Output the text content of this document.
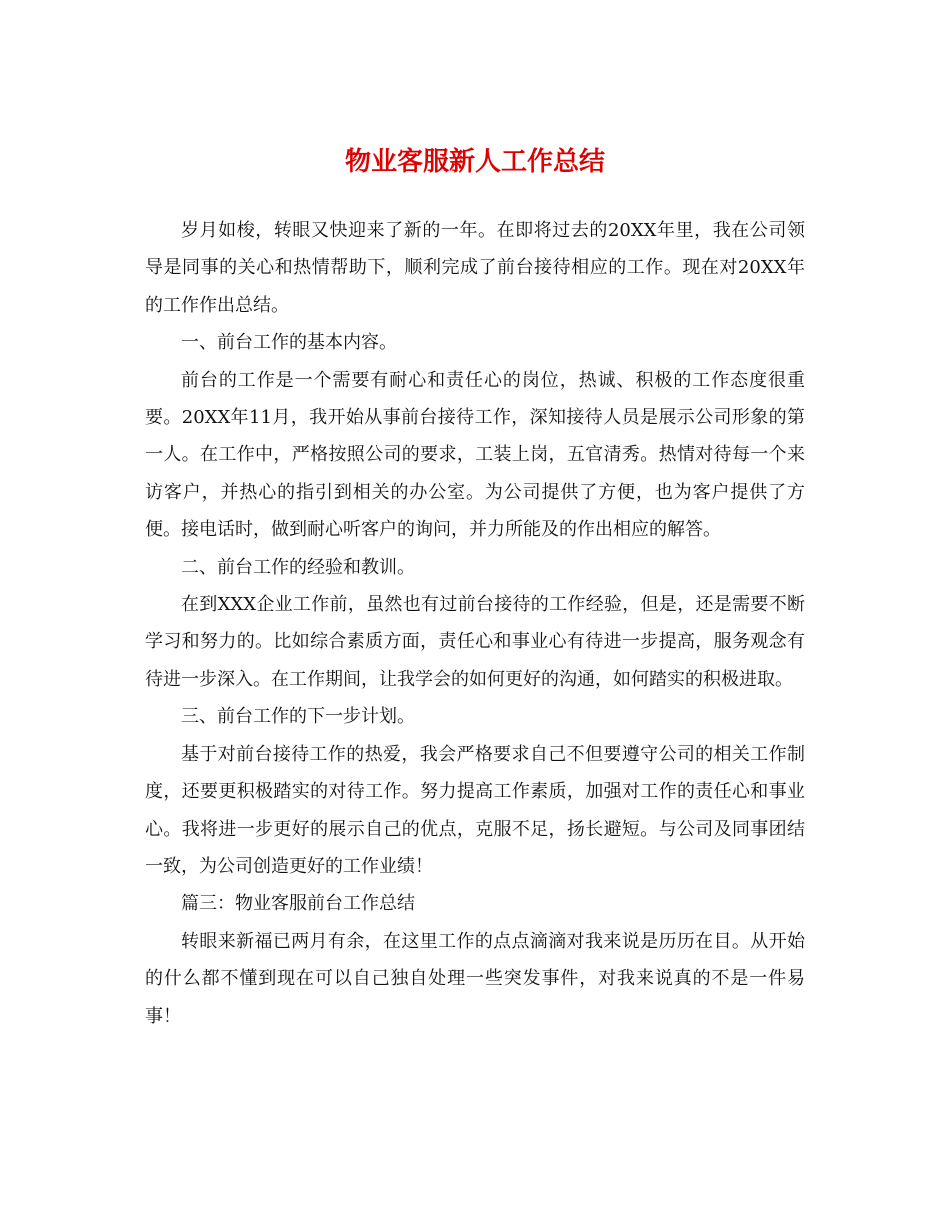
物业客服新人工作总结

岁月如梭，转眼又快迎来了新的一年。在即将过去的20XX年里，我在公司领导是同事的关心和热情帮助下，顺利完成了前台接待相应的工作。现在对20XX年的工作作出总结。

一、前台工作的基本内容。

前台的工作是一个需要有耐心和责任心的岗位，热诚、积极的工作态度很重要。20XX年11月，我开始从事前台接待工作，深知接待人员是展示公司形象的第一人。在工作中，严格按照公司的要求，工装上岗，五官清秀。热情对待每一个来访客户，并热心的指引到相关的办公室。为公司提供了方便，也为客户提供了方便。接电话时，做到耐心听客户的询问，并力所能及的作出相应的解答。

二、前台工作的经验和教训。

在到XXX企业工作前，虽然也有过前台接待的工作经验，但是，还是需要不断学习和努力的。比如综合素质方面，责任心和事业心有待进一步提高，服务观念有待进一步深入。在工作期间，让我学会的如何更好的沟通，如何踏实的积极进取。

三、前台工作的下一步计划。

基于对前台接待工作的热爱，我会严格要求自己不但要遵守公司的相关工作制度，还要更积极踏实的对待工作。努力提高工作素质，加强对工作的责任心和事业心。我将进一步更好的展示自己的优点，克服不足，扬长避短。与公司及同事团结一致，为公司创造更好的工作业绩！

篇三：物业客服前台工作总结

转眼来新福已两月有余，在这里工作的点点滴滴对我来说是历历在目。从开始的什么都不懂到现在可以自己独自处理一些突发事件，对我来说真的不是一件易事！
